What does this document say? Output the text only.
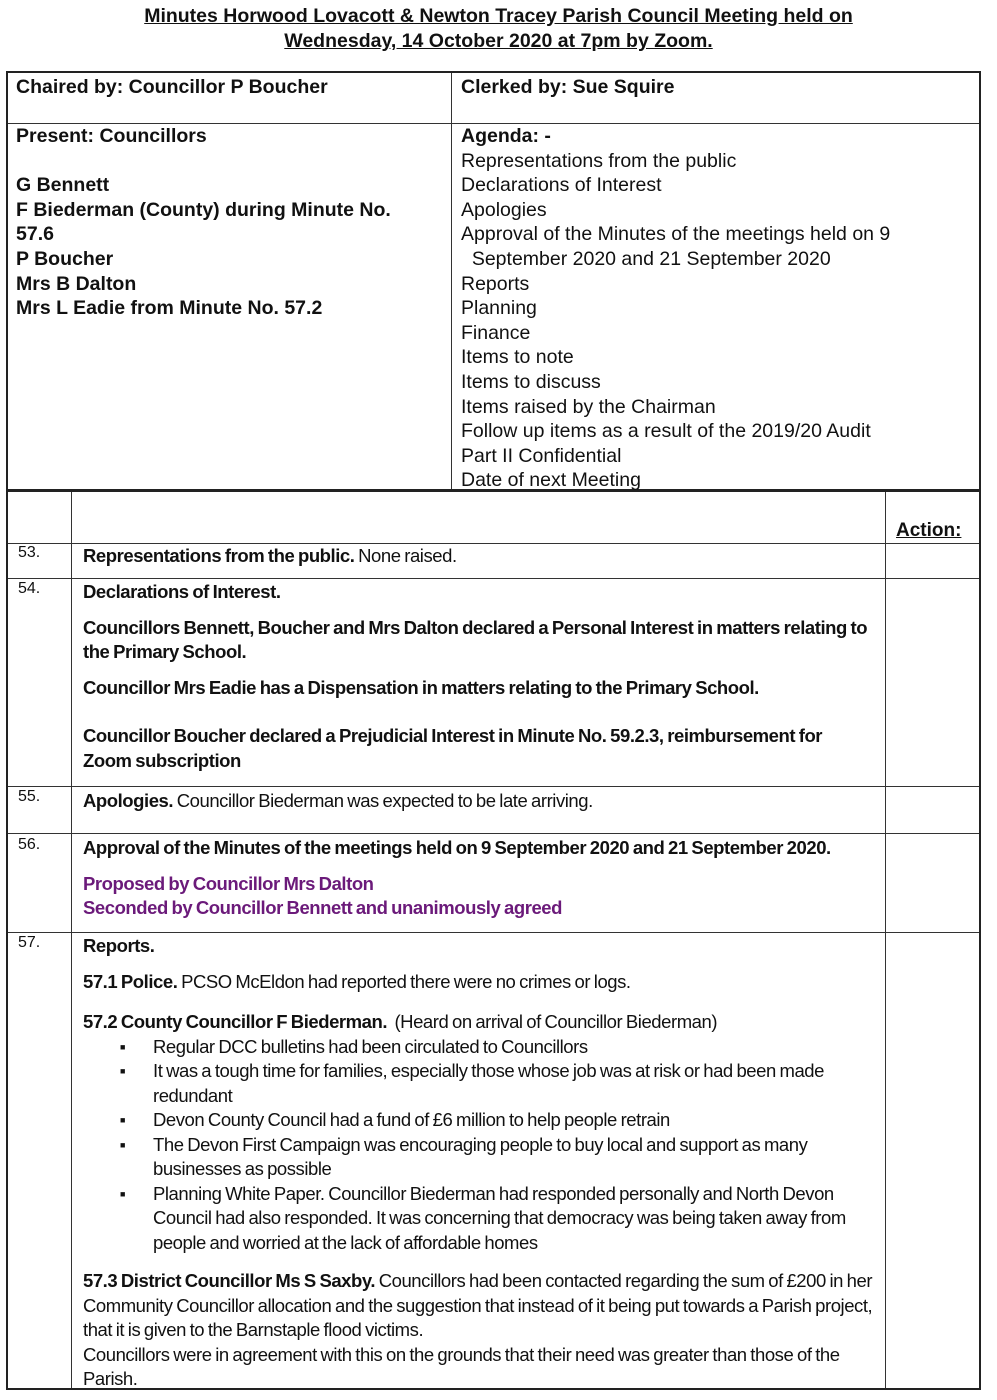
Minutes Horwood Lovacott & Newton Tracey Parish Council Meeting held on
Wednesday, 14 October 2020 at 7pm by Zoom.
Chaired by: Councillor P Boucher	Clerked by: Sue Squire
Present: Councillors
G Bennett
F Biederman (County) during Minute No.
57.6
P Boucher
Mrs B Dalton
Mrs L Eadie from Minute No. 57.2
Agenda: -
Representations from the public
Declarations of Interest
Apologies
Approval of the Minutes of the meetings held on 9
September 2020 and 21 September 2020
Reports
Planning
Finance
Items to note
Items to discuss
Items raised by the Chairman
Follow up items as a result of the 2019/20 Audit
Part II Confidential
Date of next Meeting
Action:
53. Representations from the public. None raised.

54. Declarations of Interest.

Councillors Bennett, Boucher and Mrs Dalton declared a Personal Interest in matters relating to the Primary School.

Councillor Mrs Eadie has a Dispensation in matters relating to the Primary School.

Councillor Boucher declared a Prejudicial Interest in Minute No. 59.2.3, reimbursement for Zoom subscription

55. Apologies. Councillor Biederman was expected to be late arriving.

56. Approval of the Minutes of the meetings held on 9 September 2020 and 21 September 2020.

Proposed by Councillor Mrs Dalton

Seconded by Councillor Bennett and unanimously agreed

57. Reports.

57.1 Police. PCSO McEldon had reported there were no crimes or logs.

57.2 County Councillor F Biederman.  (Heard on arrival of Councillor Biederman)

■ Regular DCC bulletins had been circulated to Councillors
■ It was a tough time for families, especially those whose job was at risk or had been made redundant
■ Devon County Council had a fund of £6 million to help people retrain
■ The Devon First Campaign was encouraging people to buy local and support as many businesses as possible
■ Planning White Paper. Councillor Biederman had responded personally and North Devon Council had also responded. It was concerning that democracy was being taken away from people and worried at the lack of affordable homes

57.3 District Councillor Ms S Saxby. Councillors had been contacted regarding the sum of £200 in her Community Councillor allocation and the suggestion that instead of it being put towards a Parish project, that it is given to the Barnstaple flood victims.

Councillors were in agreement with this on the grounds that their need was greater than those of the Parish.
